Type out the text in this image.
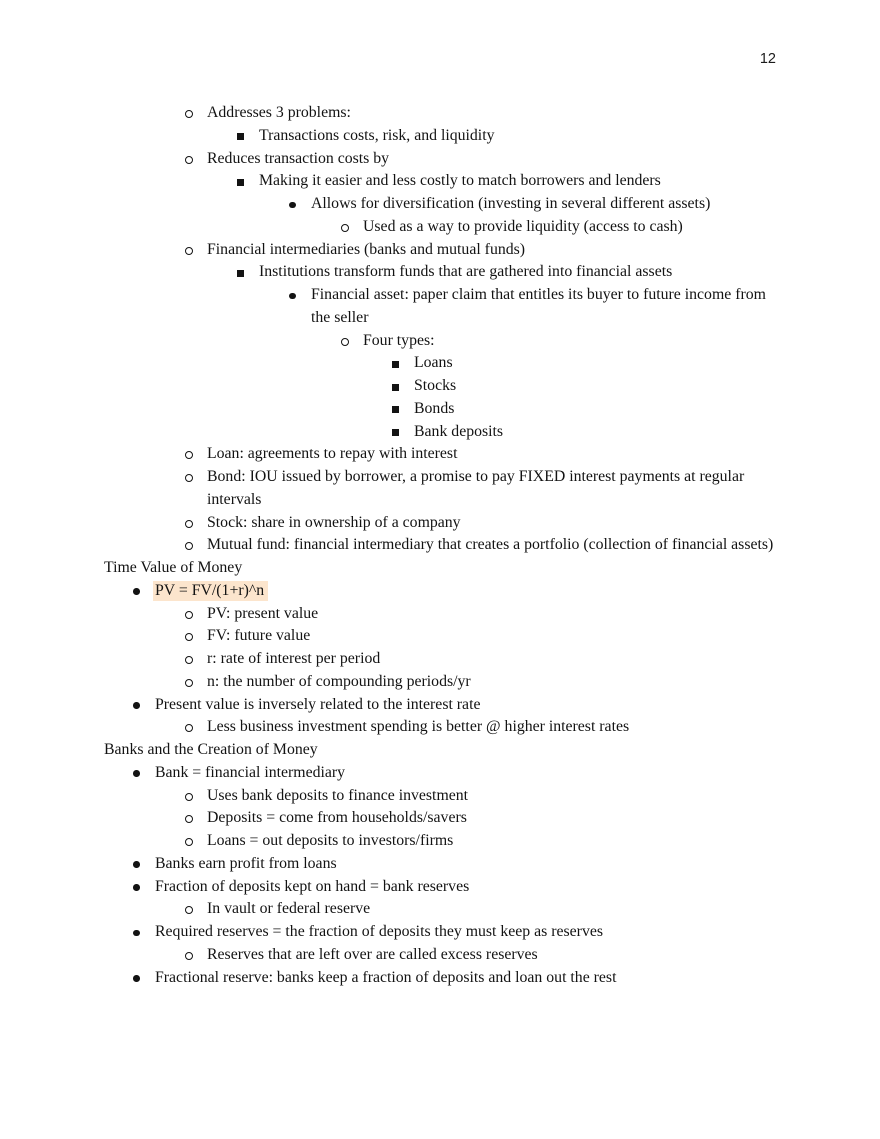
12
Addresses 3 problems:
Transactions costs, risk, and liquidity
Reduces transaction costs by
Making it easier and less costly to match borrowers and lenders
Allows for diversification (investing in several different assets)
Used as a way to provide liquidity (access to cash)
Financial intermediaries (banks and mutual funds)
Institutions transform funds that are gathered into financial assets
Financial asset: paper claim that entitles its buyer to future income from the seller
Four types:
Loans
Stocks
Bonds
Bank deposits
Loan: agreements to repay with interest
Bond: IOU issued by borrower, a promise to pay FIXED interest payments at regular intervals
Stock: share in ownership of a company
Mutual fund: financial intermediary that creates a portfolio (collection of financial assets)
Time Value of Money
PV = FV/(1+r)^n
PV: present value
FV: future value
r: rate of interest per period
n: the number of compounding periods/yr
Present value is inversely related to the interest rate
Less business investment spending is better @ higher interest rates
Banks and the Creation of Money
Bank = financial intermediary
Uses bank deposits to finance investment
Deposits = come from households/savers
Loans = out deposits to investors/firms
Banks earn profit from loans
Fraction of deposits kept on hand = bank reserves
In vault or federal reserve
Required reserves = the fraction of deposits they must keep as reserves
Reserves that are left over are called excess reserves
Fractional reserve: banks keep a fraction of deposits and loan out the rest
